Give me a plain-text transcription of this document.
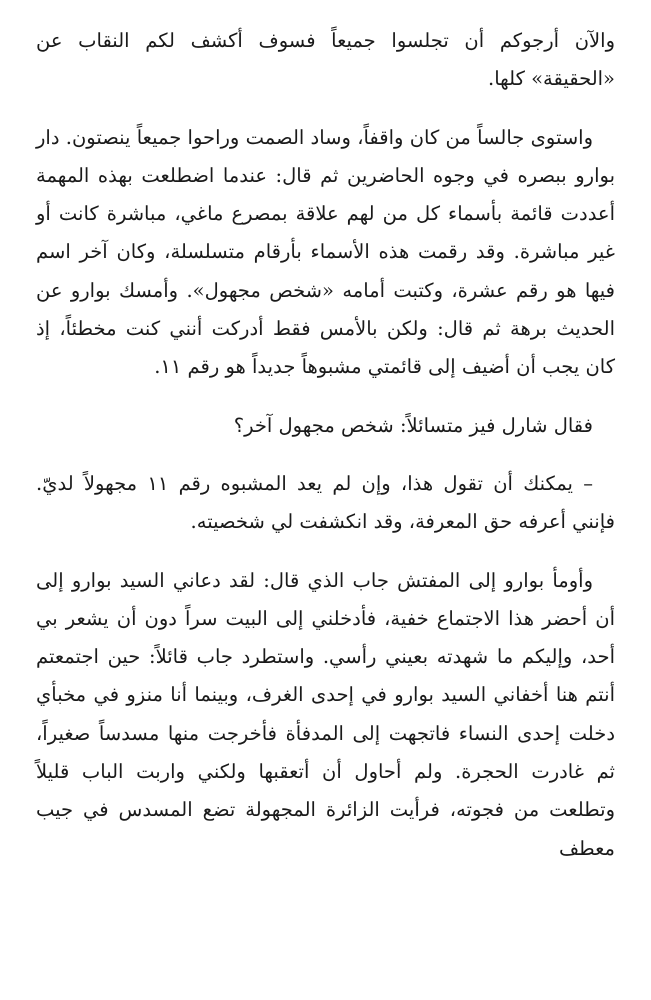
والآن أرجوكم أن تجلسوا جميعاً فسوف أكشف لكم النقاب عن «الحقيقة» كلها.

واستوى جالساً من كان واقفاً، وساد الصمت وراحوا جميعاً ينصتون. دار بوارو ببصره في وجوه الحاضرين ثم قال: عندما اضطلعت بهذه المهمة أعددت قائمة بأسماء كل من لهم علاقة بمصرع ماغي، مباشرة كانت أو غير مباشرة. وقد رقمت هذه الأسماء بأرقام متسلسلة، وكان آخر اسم فيها هو رقم عشرة، وكتبت أمامه «شخص مجهول». وأمسك بوارو عن الحديث برهة ثم قال: ولكن بالأمس فقط أدركت أنني كنت مخطئاً، إذ كان يجب أن أضيف إلى قائمتي مشبوهاً جديداً هو رقم ١١.

فقال شارل فيز متسائلاً: شخص مجهول آخر؟

– يمكنك أن تقول هذا، وإن لم يعد المشبوه رقم ١١ مجهولاً لديّ. فإنني أعرفه حق المعرفة، وقد انكشفت لي شخصيته.

وأومأ بوارو إلى المفتش جاب الذي قال: لقد دعاني السيد بوارو إلى أن أحضر هذا الاجتماع خفية، فأدخلني إلى البيت سراً دون أن يشعر بي أحد، وإليكم ما شهدته بعيني رأسي. واستطرد جاب قائلاً: حين اجتمعتم أنتم هنا أخفاني السيد بوارو في إحدى الغرف، وبينما أنا منزو في مخبأي دخلت إحدى النساء فاتجهت إلى المدفأة فأخرجت منها مسدساً صغيراً، ثم غادرت الحجرة. ولم أحاول أن أتعقبها ولكني واربت الباب قليلاً وتطلعت من فجوته، فرأيت الزائرة المجهولة تضع المسدس في جيب معطف
